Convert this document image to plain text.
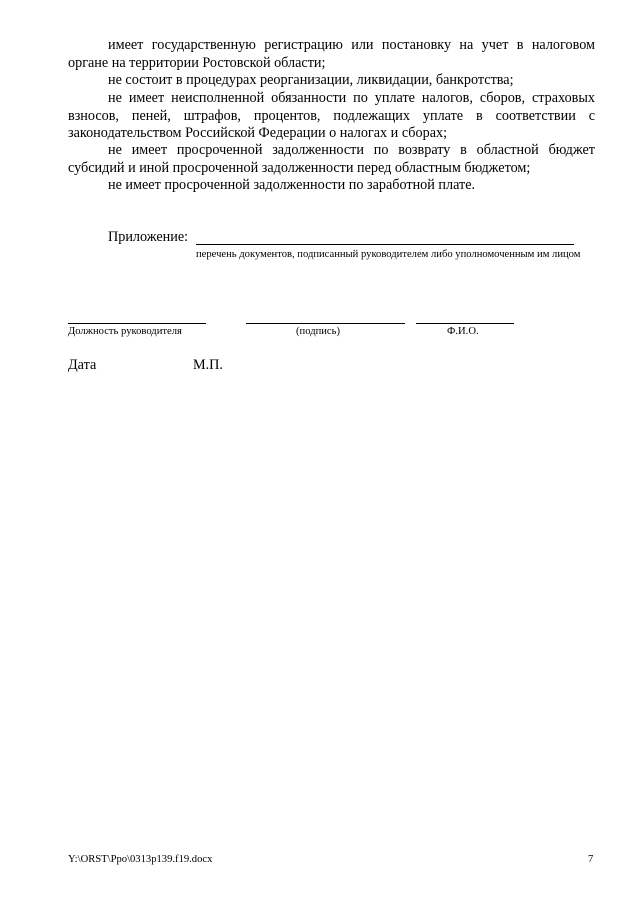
имеет государственную регистрацию или постановку на учет в налоговом органе на территории Ростовской области;

не состоит в процедурах реорганизации, ликвидации, банкротства;

не имеет неисполненной обязанности по уплате налогов, сборов, страховых взносов, пеней, штрафов, процентов, подлежащих уплате в соответствии с законодательством Российской Федерации о налогах и сборах;

не имеет просроченной задолженности по возврату в областной бюджет субсидий и иной просроченной задолженности перед областным бюджетом;

не имеет просроченной задолженности по заработной плате.

Приложение:
перечень документов, подписанный руководителем либо уполномоченным им лицом
Должность руководителя	(подпись)	Ф.И.О.
Дата	М.П.
Y:\ORST\Ppo\0313p139.f19.docx	7
